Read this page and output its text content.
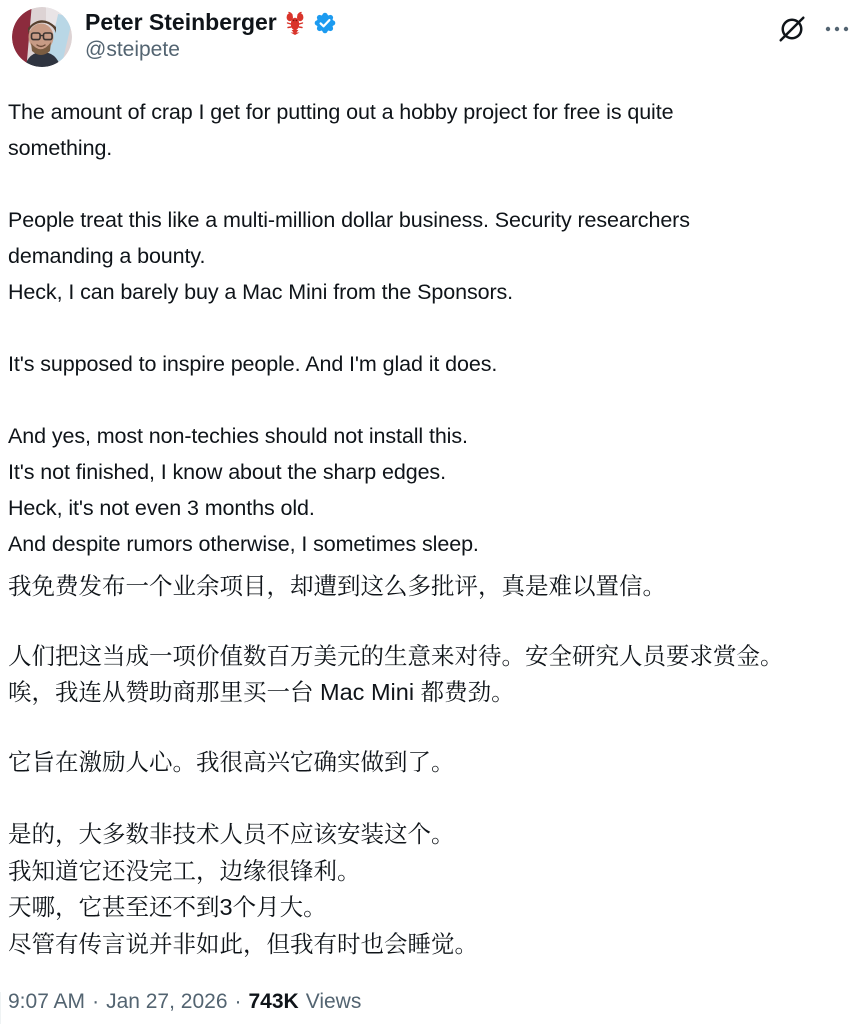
Peter Steinberger
@steipete
The amount of crap I get for putting out a hobby project for free is quite
something.
People treat this like a multi-million dollar business. Security researchers
demanding a bounty.
Heck, I can barely buy a Mac Mini from the Sponsors.
It's supposed to inspire people. And I'm glad it does.
And yes, most non-techies should not install this.
It's not finished, I know about the sharp edges.
Heck, it's not even 3 months old.
And despite rumors otherwise, I sometimes sleep.
我免费发布一个业余项目，却遭到这么多批评，真是难以置信。
人们把这当成一项价值数百万美元的生意来对待。安全研究人员要求赏金。
唉，我连从赞助商那里买一台 Mac Mini 都费劲。
它旨在激励人心。我很高兴它确实做到了。
是的，大多数非技术人员不应该安装这个。
我知道它还没完工，边缘很锋利。
天哪，它甚至还不到3个月大。
尽管有传言说并非如此，但我有时也会睡觉。
9:07 AM · Jan 27, 2026 · 743K Views
